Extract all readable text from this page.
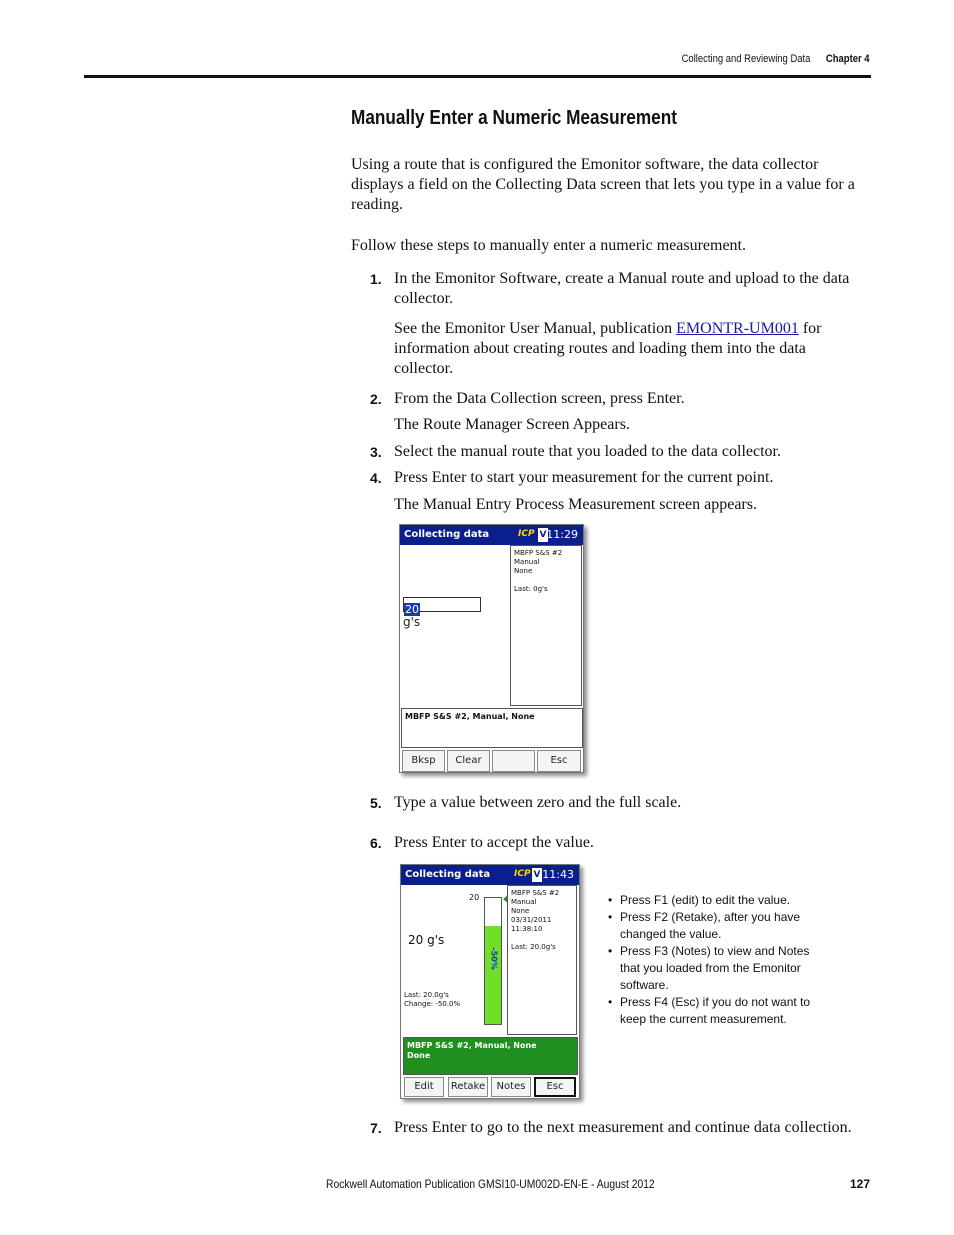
Collecting and Reviewing Data Chapter 4
Manually Enter a Numeric Measurement
Using a route that is configured the Emonitor software, the data collector displays a field on the Collecting Data screen that lets you type in a value for a reading.
Follow these steps to manually enter a numeric measurement.
1. In the Emonitor Software, create a Manual route and upload to the data collector.
See the Emonitor User Manual, publication EMONTR-UM001 for information about creating routes and loading them into the data collector.
2. From the Data Collection screen, press Enter.
The Route Manager Screen Appears.
3. Select the manual route that you loaded to the data collector.
4. Press Enter to start your measurement for the current point.
The Manual Entry Process Measurement screen appears.
Collecting data	ICP V 11:29
20
g's
MBFP S&S #2
Manual
None
Last: 0g's
MBFP S&S #2, Manual, None
Bksp	Clear	Esc
5. Type a value between zero and the full scale.
6. Press Enter to accept the value.
Collecting data	ICP V 11:43
20
-50%
20 g's
Last: 20.0g's
Change: -50.0%
MBFP S&S #2
Manual
None
03/31/2011
11:38:10
Last: 20.0g's
MBFP S&S #2, Manual, None
Done
Edit	Retake	Notes	Esc
• Press F1 (edit) to edit the value.
• Press F2 (Retake), after you have changed the value.
• Press F3 (Notes) to view and Notes that you loaded from the Emonitor software.
• Press F4 (Esc) if you do not want to keep the current measurement.
7. Press Enter to go to the next measurement and continue data collection.
Rockwell Automation Publication GMSI10-UM002D-EN-E - August 2012	127
